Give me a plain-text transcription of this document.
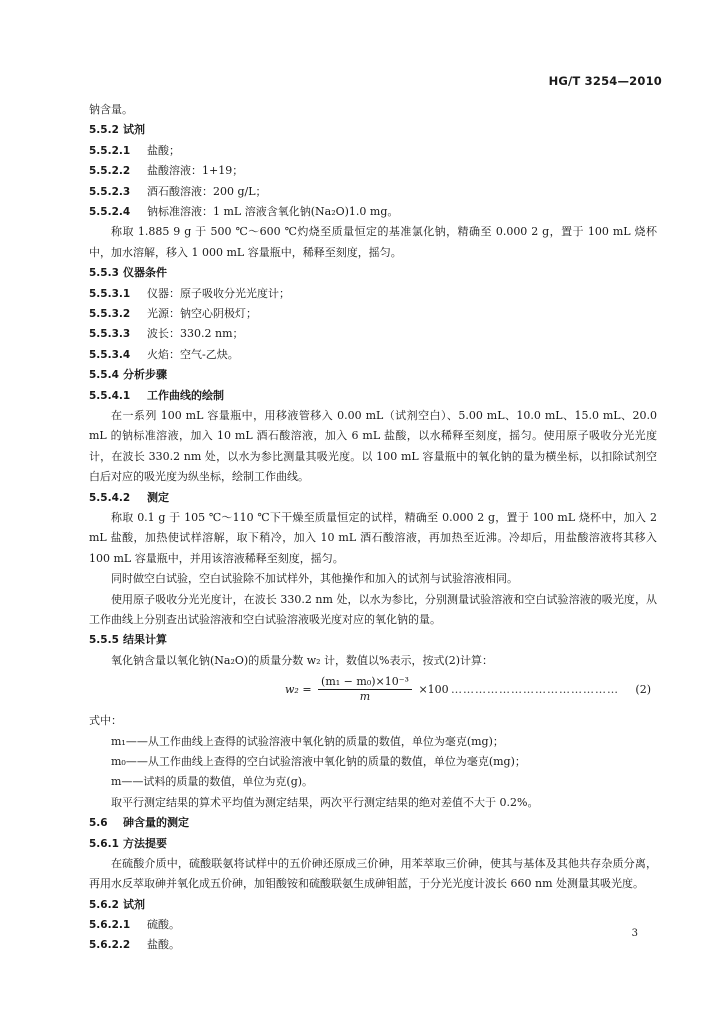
HG/T 3254—2010
钠含量。
5.5.2 试剂
5.5.2.1 盐酸；
5.5.2.2 盐酸溶液：1+19；
5.5.2.3 酒石酸溶液：200 g/L；
5.5.2.4 钠标准溶液：1 mL 溶液含氧化钠(Na₂O)1.0 mg。
称取 1.885 9 g 于 500 ℃～600 ℃灼烧至质量恒定的基准氯化钠，精确至 0.000 2 g，置于 100 mL 烧杯中，加水溶解，移入 1 000 mL 容量瓶中，稀释至刻度，摇匀。
5.5.3 仪器条件
5.5.3.1 仪器：原子吸收分光光度计；
5.5.3.2 光源：钠空心阴极灯；
5.5.3.3 波长：330.2 nm；
5.5.3.4 火焰：空气-乙炔。
5.5.4 分析步骤
5.5.4.1 工作曲线的绘制
在一系列 100 mL 容量瓶中，用移液管移入 0.00 mL（试剂空白）、5.00 mL、10.0 mL、15.0 mL、20.0 mL 的钠标准溶液，加入 10 mL 酒石酸溶液，加入 6 mL 盐酸，以水稀释至刻度，摇匀。使用原子吸收分光光度计，在波长 330.2 nm 处，以水为参比测量其吸光度。以 100 mL 容量瓶中的氧化钠的量为横坐标，以扣除试剂空白后对应的吸光度为纵坐标，绘制工作曲线。
5.5.4.2 测定
称取 0.1 g 于 105 ℃～110 ℃下干燥至质量恒定的试样，精确至 0.000 2 g，置于 100 mL 烧杯中，加入 2 mL 盐酸，加热使试样溶解，取下稍冷，加入 10 mL 酒石酸溶液，再加热至近沸。冷却后，用盐酸溶液将其移入 100 mL 容量瓶中，并用该溶液稀释至刻度，摇匀。
同时做空白试验，空白试验除不加试样外，其他操作和加入的试剂与试验溶液相同。
使用原子吸收分光光度计，在波长 330.2 nm 处，以水为参比，分别测量试验溶液和空白试验溶液的吸光度，从工作曲线上分别查出试验溶液和空白试验溶液吸光度对应的氧化钠的量。
5.5.5 结果计算
氧化钠含量以氧化钠(Na₂O)的质量分数 w₂ 计，数值以%表示，按式(2)计算：
$w_2 = \frac{\text{(m₁ − m₀)×10⁻³}}{m} \times 100$ …………………………………… (2)
式中：
m₁——从工作曲线上查得的试验溶液中氧化钠的质量的数值，单位为毫克(mg)；
m₀——从工作曲线上查得的空白试验溶液中氧化钠的质量的数值，单位为毫克(mg)；
m——试料的质量的数值，单位为克(g)。
取平行测定结果的算术平均值为测定结果，两次平行测定结果的绝对差值不大于 0.2%。
5.6 砷含量的测定
5.6.1 方法提要
在硫酸介质中，硫酸联氨将试样中的五价砷还原成三价砷，用苯萃取三价砷，使其与基体及其他共存杂质分离，再用水反萃取砷并氧化成五价砷，加钼酸铵和硫酸联氨生成砷钼蓝，于分光光度计波长 660 nm 处测量其吸光度。
5.6.2 试剂
5.6.2.1 硫酸。
5.6.2.2 盐酸。
3
